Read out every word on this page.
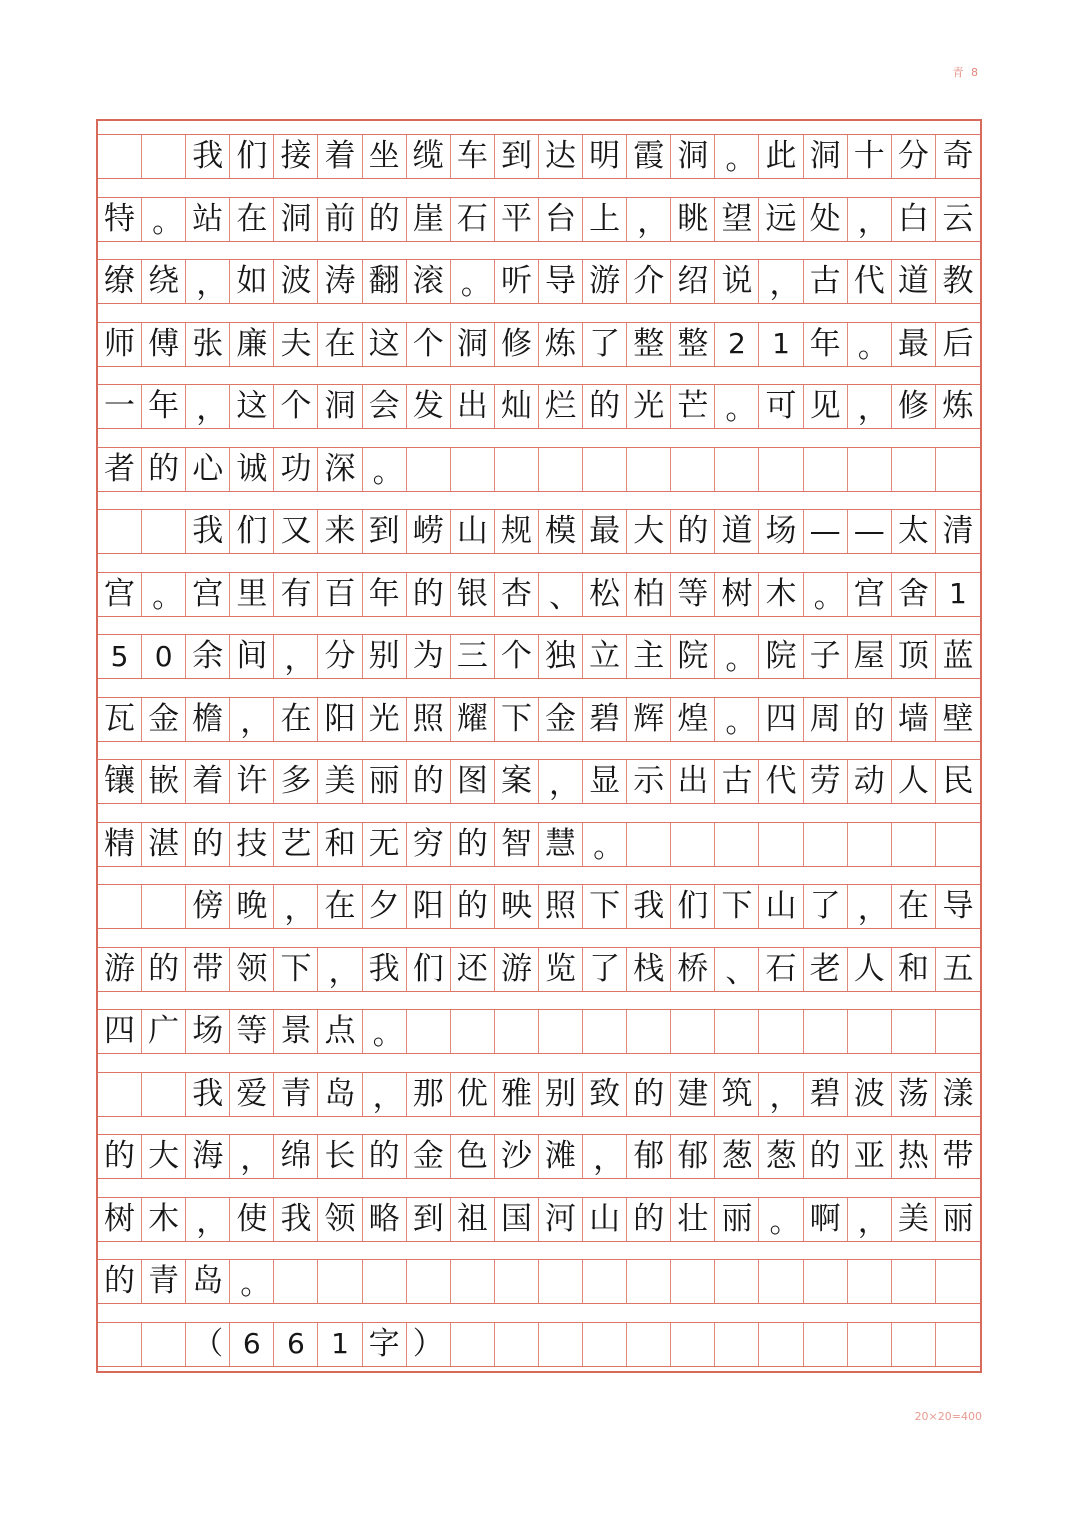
青 8
我 们 接 着 坐 缆 车 到 达 明 霞 洞 。 此 洞 十 分 奇
特 。 站 在 洞 前 的 崖 石 平 台 上 ， 眺 望 远 处 ， 白 云
缭 绕 ， 如 波 涛 翻 滚 。 听 导 游 介 绍 说 ， 古 代 道 教
师 傅 张 廉 夫 在 这 个 洞 修 炼 了 整 整 2 1 年 。 最 后
一 年 ， 这 个 洞 会 发 出 灿 烂 的 光 芒 。 可 见 ， 修 炼
者 的 心 诚 功 深 。
我 们 又 来 到 崂 山 规 模 最 大 的 道 场 — — 太 清
宫 。 宫 里 有 百 年 的 银 杏 、 松 柏 等 树 木 。 宫 舍 1
5 0 余 间 ， 分 别 为 三 个 独 立 主 院 。 院 子 屋 顶 蓝
瓦 金 檐 ， 在 阳 光 照 耀 下 金 碧 辉 煌 。 四 周 的 墙 壁
镶 嵌 着 许 多 美 丽 的 图 案 ， 显 示 出 古 代 劳 动 人 民
精 湛 的 技 艺 和 无 穷 的 智 慧 。
傍 晚 ， 在 夕 阳 的 映 照 下 我 们 下 山 了 ， 在 导
游 的 带 领 下 ， 我 们 还 游 览 了 栈 桥 、 石 老 人 和 五
四 广 场 等 景 点 。
我 爱 青 岛 ， 那 优 雅 别 致 的 建 筑 ， 碧 波 荡 漾
的 大 海 ， 绵 长 的 金 色 沙 滩 ， 郁 郁 葱 葱 的 亚 热 带
树 木 ， 使 我 领 略 到 祖 国 河 山 的 壮 丽 。 啊 ， 美 丽
的 青 岛 。
（ 6 6 1 字 ）
20×20=400
